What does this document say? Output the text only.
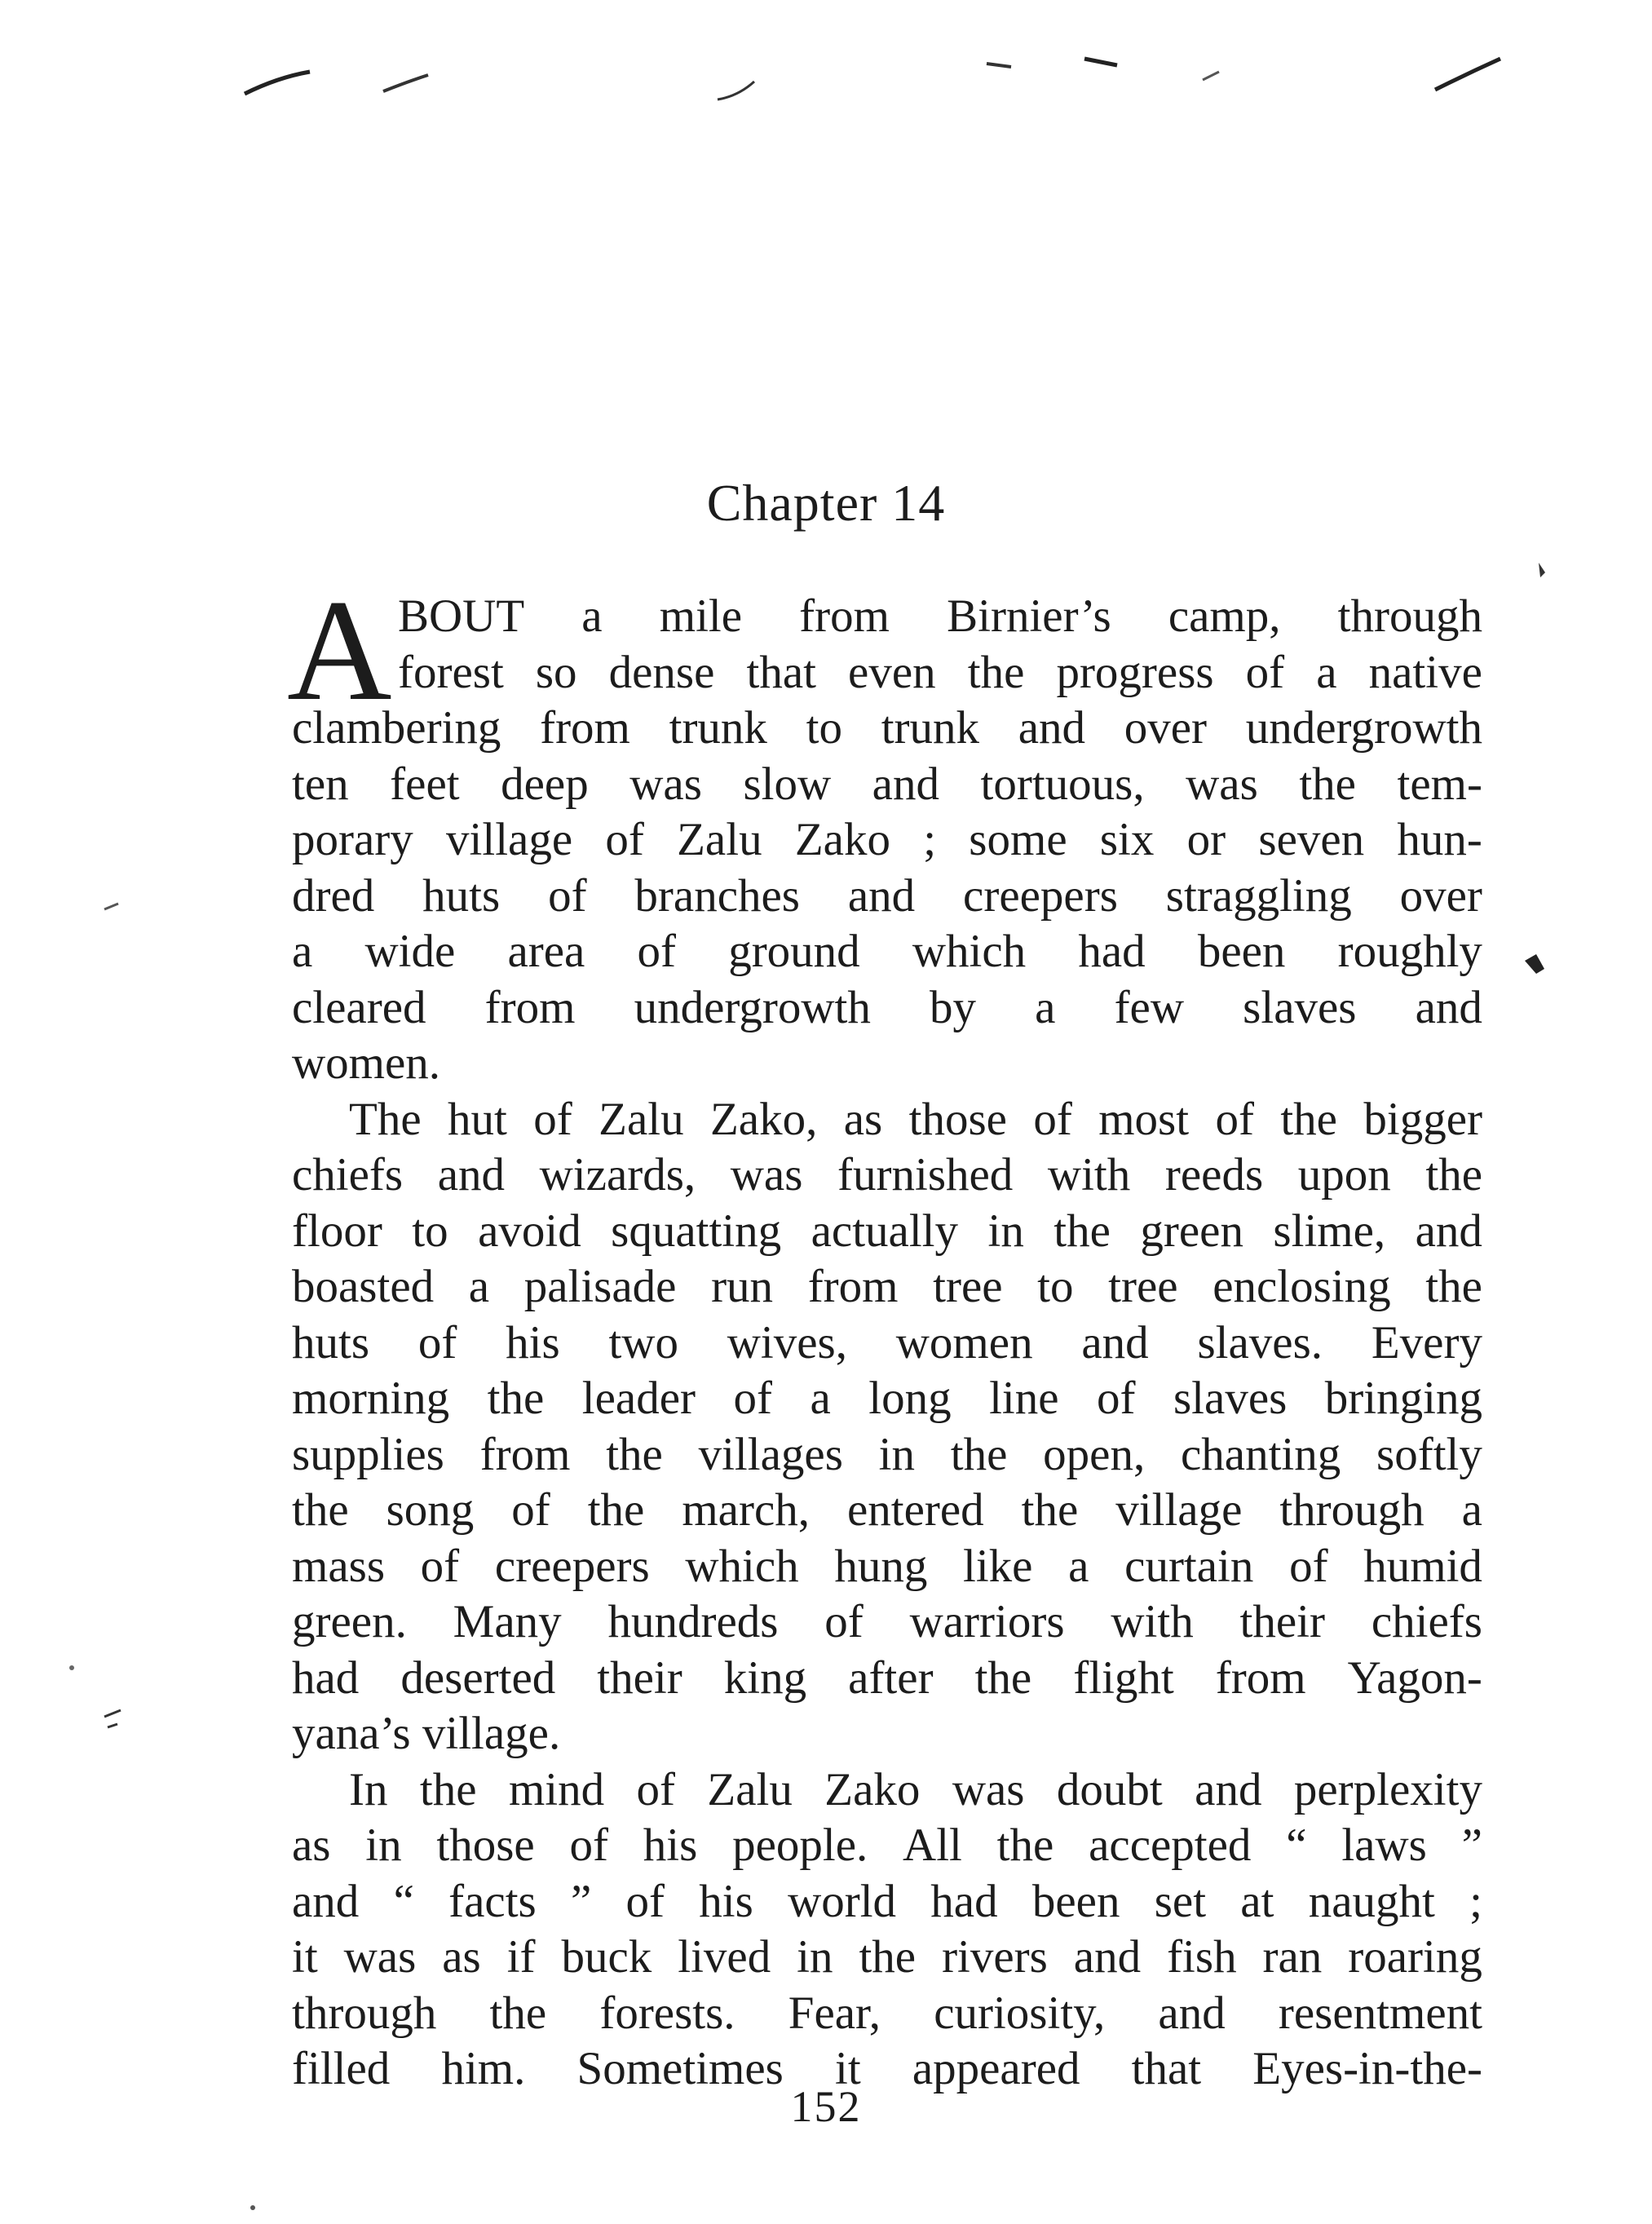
Chapter 14
A BOUT a mile from Birnier’s camp, through
forest so dense that even the progress of a native
clambering from trunk to trunk and over undergrowth
ten feet deep was slow and tortuous, was the tem-
porary village of Zalu Zako ; some six or seven hun-
dred huts of branches and creepers straggling over
a wide area of ground which had been roughly
cleared from undergrowth by a few slaves and
women.
The hut of Zalu Zako, as those of most of the bigger
chiefs and wizards, was furnished with reeds upon the
floor to avoid squatting actually in the green slime, and
boasted a palisade run from tree to tree enclosing the
huts of his two wives, women and slaves. Every
morning the leader of a long line of slaves bringing
supplies from the villages in the open, chanting softly
the song of the march, entered the village through a
mass of creepers which hung like a curtain of humid
green. Many hundreds of warriors with their chiefs
had deserted their king after the flight from Yagon-
yana’s village.
In the mind of Zalu Zako was doubt and perplexity
as in those of his people. All the accepted “ laws ”
and “ facts ” of his world had been set at naught ;
it was as if buck lived in the rivers and fish ran roaring
through the forests. Fear, curiosity, and resentment
filled him. Sometimes it appeared that Eyes-in-the-
152
